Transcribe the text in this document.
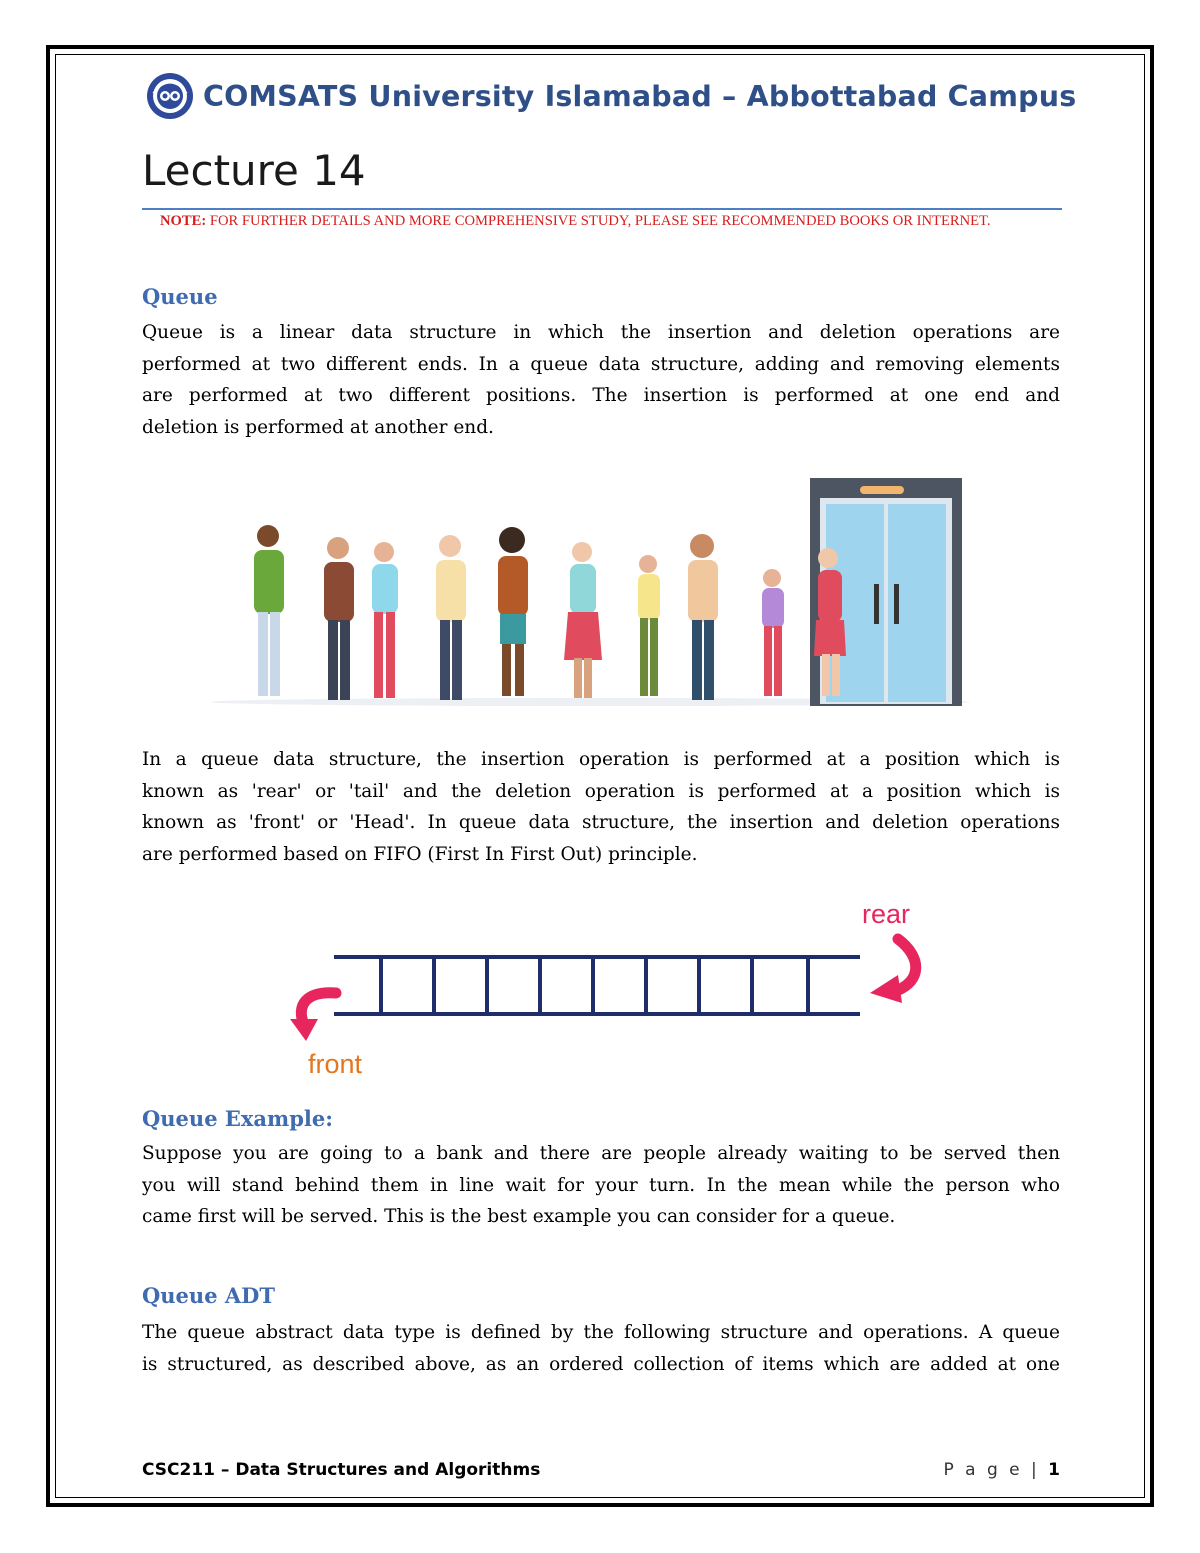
COMSATS University Islamabad – Abbottabad Campus
Lecture 14
NOTE: FOR FURTHER DETAILS AND MORE COMPREHENSIVE STUDY, PLEASE SEE RECOMMENDED BOOKS OR INTERNET.
Queue
Queue is a linear data structure in which the insertion and deletion operations are
performed at two different ends. In a queue data structure, adding and removing elements
are performed at two different positions. The insertion is performed at one end and
deletion is performed at another end.
In a queue data structure, the insertion operation is performed at a position which is
known as 'rear' or 'tail' and the deletion operation is performed at a position which is
known as 'front' or 'Head'. In queue data structure, the insertion and deletion operations
are performed based on FIFO (First In First Out) principle.
rear
front
Queue Example:
Suppose you are going to a bank and there are people already waiting to be served then
you will stand behind them in line wait for your turn. In the mean while the person who
came first will be served. This is the best example you can consider for a queue.
Queue ADT
The queue abstract data type is defined by the following structure and operations. A queue
is structured, as described above, as an ordered collection of items which are added at one
CSC211 – Data Structures and Algorithms	P a g e | 1
